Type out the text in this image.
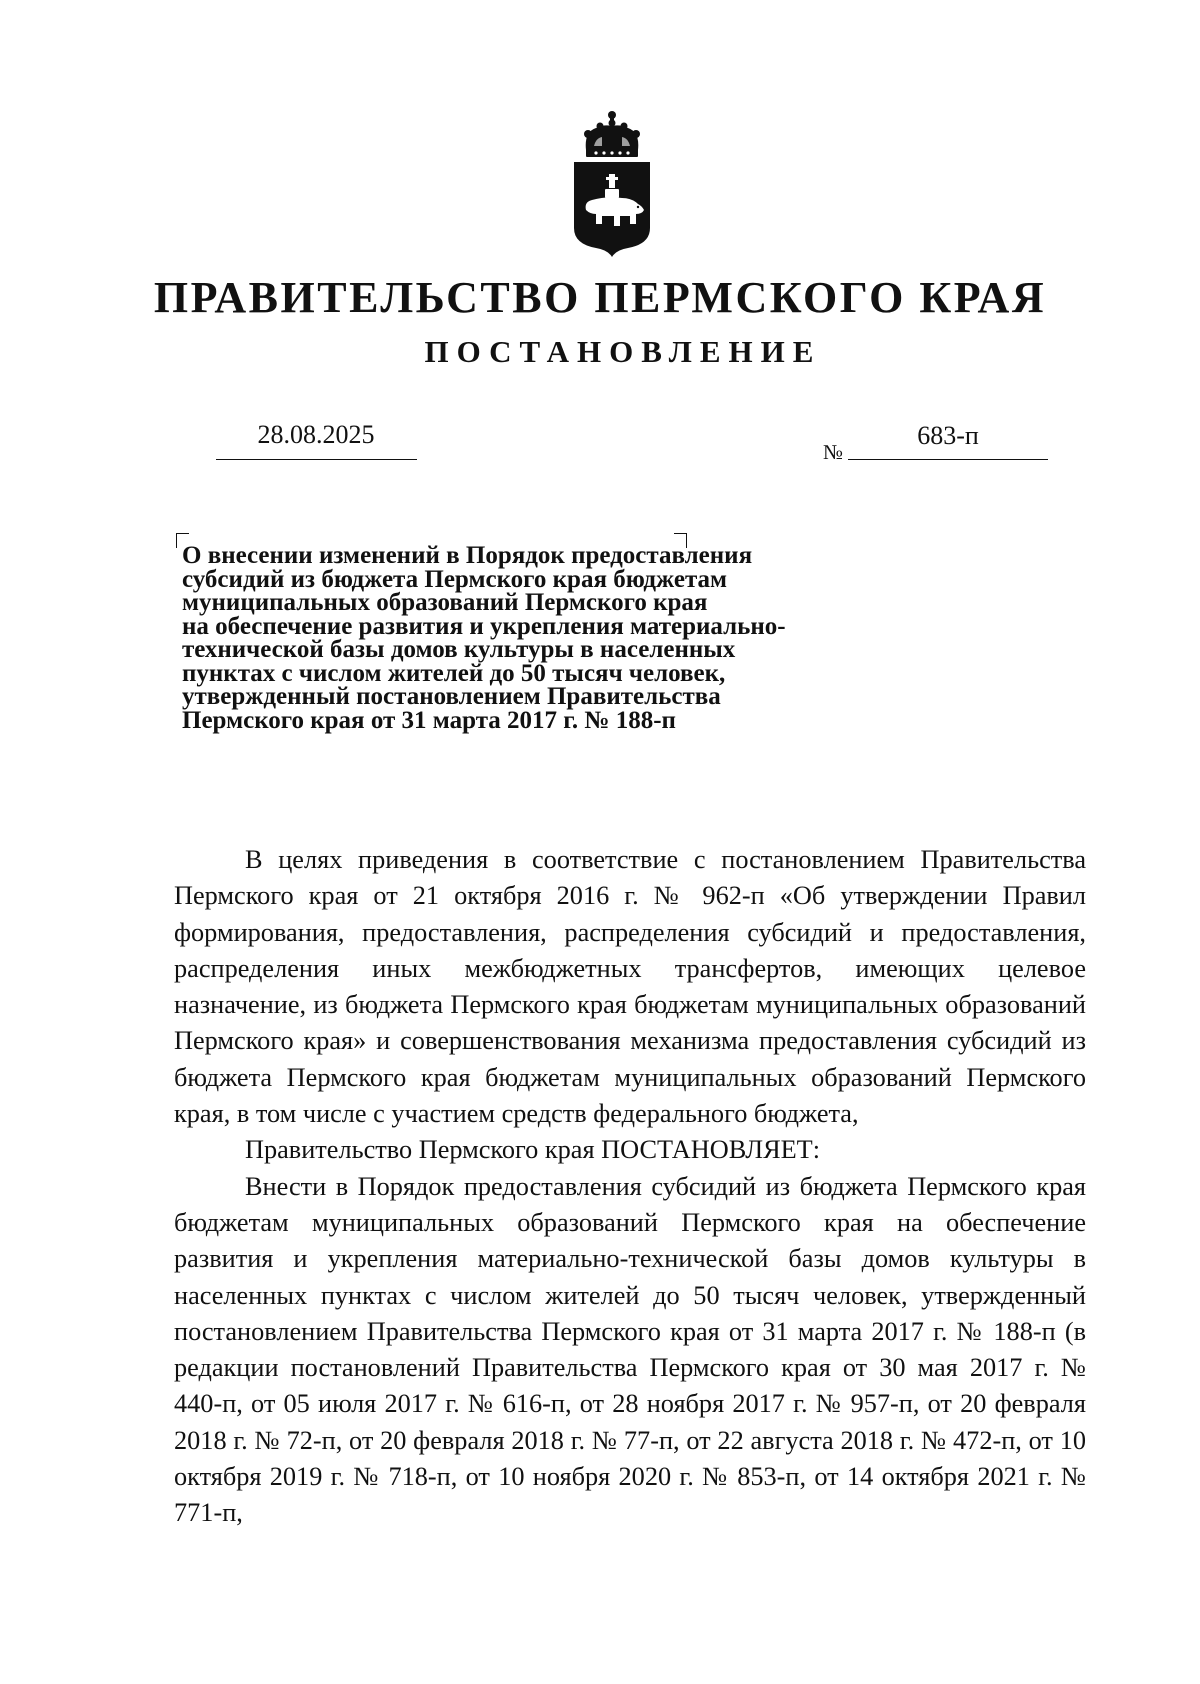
ПРАВИТЕЛЬСТВО ПЕРМСКОГО КРАЯ
ПОСТАНОВЛЕНИЕ
28.08.2025
№
683-п
О внесении изменений в Порядок предоставления
субсидий из бюджета Пермского края бюджетам
муниципальных образований Пермского края
на обеспечение развития и укрепления материально-
технической базы домов культуры в населенных
пунктах с числом жителей до 50 тысяч человек,
утвержденный постановлением Правительства
Пермского края от 31 марта 2017 г. № 188-п

В целях приведения в соответствие с постановлением Правительства Пермского края от 21 октября 2016 г. № 962-п «Об утверждении Правил формирования, предоставления, распределения субсидий и предоставления, распределения иных межбюджетных трансфертов, имеющих целевое назначение, из бюджета Пермского края бюджетам муниципальных образований Пермского края» и совершенствования механизма предоставления субсидий из бюджета Пермского края бюджетам муниципальных образований Пермского края, в том числе с участием средств федерального бюджета,

Правительство Пермского края ПОСТАНОВЛЯЕТ:

Внести в Порядок предоставления субсидий из бюджета Пермского края бюджетам муниципальных образований Пермского края на обеспечение развития и укрепления материально-технической базы домов культуры в населенных пунктах с числом жителей до 50 тысяч человек, утвержденный постановлением Правительства Пермского края от 31 марта 2017 г. № 188-п (в редакции постановлений Правительства Пермского края от 30 мая 2017 г. № 440-п, от 05 июля 2017 г. № 616-п, от 28 ноября 2017 г. № 957-п, от 20 февраля 2018 г. № 72-п, от 20 февраля 2018 г. № 77-п, от 22 августа 2018 г. № 472-п, от 10 октября 2019 г. № 718-п, от 10 ноября 2020 г. № 853-п, от 14 октября 2021 г. № 771-п,
